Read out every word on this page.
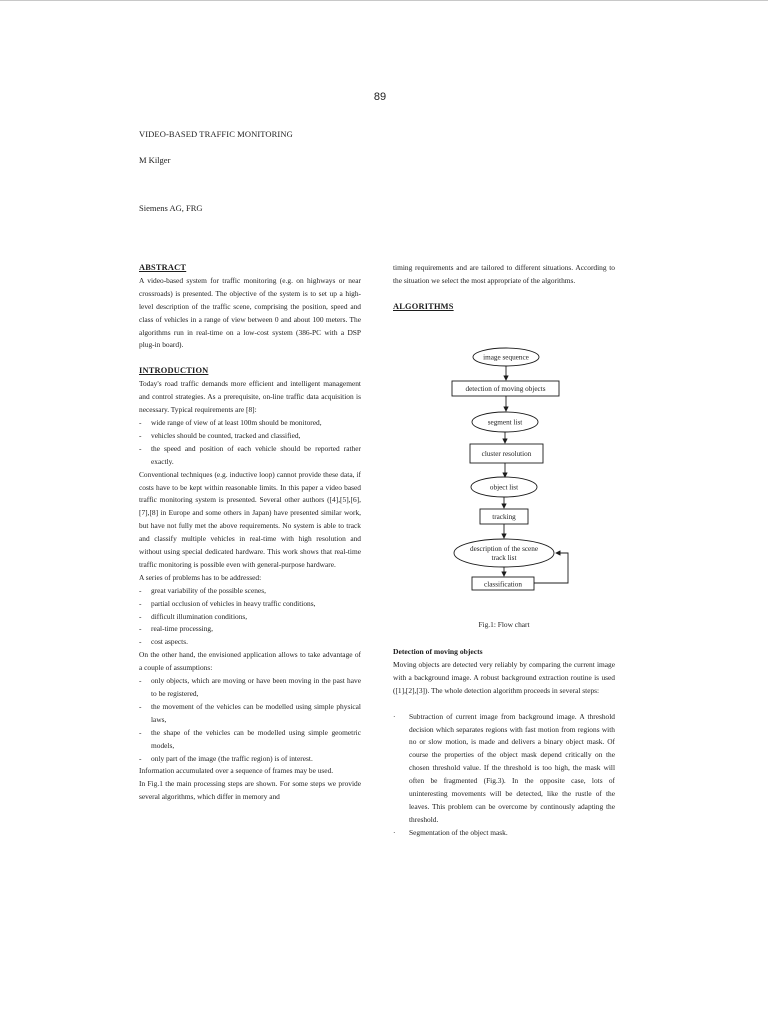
89
VIDEO-BASED TRAFFIC MONITORING
M Kilger
Siemens AG, FRG
ABSTRACT

A video-based system for traffic monitoring (e.g. on highways or near crossroads) is presented. The objective of the system is to set up a high-level description of the traffic scene, comprising the position, speed and class of vehicles in a range of view between 0 and about 100 meters. The algorithms run in real-time on a low-cost system (386-PC with a DSP plug-in board).

INTRODUCTION

Today's road traffic demands more efficient and intelligent management and control strategies. As a prerequisite, on-line traffic data acquisition is necessary. Typical requirements are [8]:

- wide range of view of at least 100m should be monitored,
- vehicles should be counted, tracked and classified,
- the speed and position of each vehicle should be reported rather exactly.

Conventional techniques (e.g. inductive loop) cannot provide these data, if costs have to be kept within reasonable limits. In this paper a video based traffic monitoring system is presented. Several other authors ([4],[5],[6],[7],[8] in Europe and some others in Japan) have presented similar work, but have not fully met the above requirements. No system is able to track and classify multiple vehicles in real-time with high resolution and without using special dedicated hardware. This work shows that real-time traffic monitoring is possible even with general-purpose hardware.

A series of problems has to be addressed:

- great variability of the possible scenes,
- partial occlusion of vehicles in heavy traffic conditions,
- difficult illumination conditions,
- real-time processing,
- cost aspects.

On the other hand, the envisioned application allows to take advantage of a couple of assumptions:

- only objects, which are moving or have been moving in the past have to be registered,
- the movement of the vehicles can be modelled using simple physical laws,
- the shape of the vehicles can be modelled using simple geometric models,
- only part of the image (the traffic region) is of interest.

Information accumulated over a sequence of frames may be used.

In Fig.1 the main processing steps are shown. For some steps we provide several algorithms, which differ in memory and

timing requirements and are tailored to different situations. According to the situation we select the most appropriate of the algorithms.

ALGORITHMS
image sequence
detection of moving objects
segment list
cluster resolution
object list
tracking
description of the scene
track list
classification
Fig.1: Flow chart
Detection of moving objects

Moving objects are detected very reliably by comparing the current image with a background image. A robust background extraction routine is used ([1],[2],[3]). The whole detection algorithm proceeds in several steps:

· Subtraction of current image from background image. A threshold decision which separates regions with fast motion from regions with no or slow motion, is made and delivers a binary object mask. Of course the properties of the object mask depend critically on the chosen threshold value. If the threshold is too high, the mask will often be fragmented (Fig.3). In the opposite case, lots of uninteresting movements will be detected, like the rustle of the leaves. This problem can be overcome by continously adapting the threshold.
· Segmentation of the object mask.
